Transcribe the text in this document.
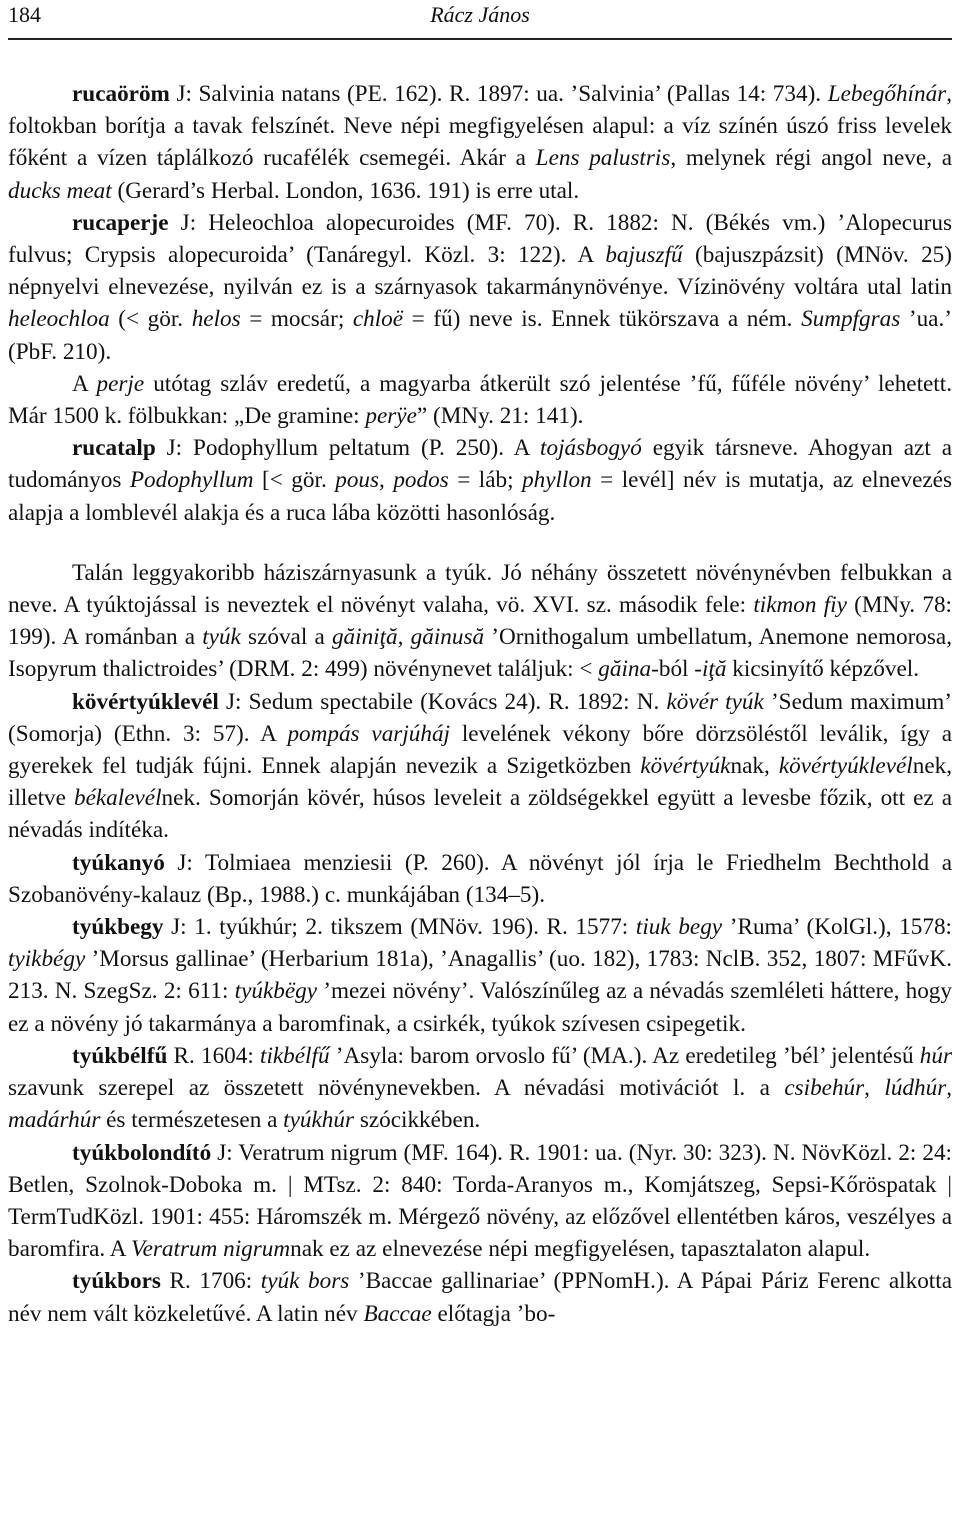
184	Rácz János

rucaöröm J: Salvinia natans (PE. 162). R. 1897: ua. ’Salvinia’ (Pallas 14: 734). Lebegőhínár, foltokban borítja a tavak felszínét. Neve népi megfigyelésen alapul: a víz színén úszó friss levelek főként a vízen táplálkozó rucafélék csemegéi. Akár a Lens palustris, melynek régi angol neve, a ducks meat (Gerard’s Herbal. London, 1636. 191) is erre utal.

rucaperje J: Heleochloa alopecuroides (MF. 70). R. 1882: N. (Békés vm.) ’Alopecurus fulvus; Crypsis alopecuroida’ (Tanáregyl. Közl. 3: 122). A bajuszfű (bajuszpázsit) (MNöv. 25) népnyelvi elnevezése, nyilván ez is a szárnyasok takarmánynövénye. Vízinövény voltára utal latin heleochloa (< gör. helos = mocsár; chloë = fű) neve is. Ennek tükörszava a ném. Sumpfgras ’ua.’ (PbF. 210).

A perje utótag szláv eredetű, a magyarba átkerült szó jelentése ’fű, fűféle növény’ lehetett. Már 1500 k. fölbukkan: „De gramine: perÿe” (MNy. 21: 141).

rucatalp J: Podophyllum peltatum (P. 250). A tojásbogyó egyik társneve. Ahogyan azt a tudományos Podophyllum [< gör. pous, podos = láb; phyllon = levél] név is mutatja, az elnevezés alapja a lomblevél alakja és a ruca lába közötti hasonlóság.

Talán leggyakoribb háziszárnyasunk a tyúk. Jó néhány összetett növénynévben felbukkan a neve. A tyúktojással is neveztek el növényt valaha, vö. XVI. sz. második fele: tikmon fiy (MNy. 78: 199). A románban a tyúk szóval a găiniţă, găinusă ’Ornithogalum umbellatum, Anemone nemorosa, Isopyrum thalictroides’ (DRM. 2: 499) növénynevet találjuk: < găina-ból -iţă kicsinyítő képzővel.

kövértyúklevél J: Sedum spectabile (Kovács 24). R. 1892: N. kövér tyúk ’Sedum maximum’ (Somorja) (Ethn. 3: 57). A pompás varjúháj levelének vékony bőre dörzsöléstől leválik, így a gyerekek fel tudják fújni. Ennek alapján nevezik a Szigetközben kövértyúknak, kövértyúklevélnek, illetve békalevélnek. Somorján kövér, húsos leveleit a zöldségekkel együtt a levesbe főzik, ott ez a névadás indítéka.

tyúkanyó J: Tolmiaea menziesii (P. 260). A növényt jól írja le Friedhelm Bechthold a Szobanövény-kalauz (Bp., 1988.) c. munkájában (134–5).

tyúkbegy J: 1. tyúkhúr; 2. tikszem (MNöv. 196). R. 1577: tiuk begy ’Ruma’ (KolGl.), 1578: tyikbégy ’Morsus gallinae’ (Herbarium 181a), ’Anagallis’ (uo. 182), 1783: NclB. 352, 1807: MFűvK. 213. N. SzegSz. 2: 611: tyúkbëgy ’mezei növény’. Valószínűleg az a névadás szemléleti háttere, hogy ez a növény jó takarmánya a baromfinak, a csirkék, tyúkok szívesen csipegetik.

tyúkbélfű R. 1604: tikbélfű ’Asyla: barom orvoslo fű’ (MA.). Az eredetileg ’bél’ jelentésű húr szavunk szerepel az összetett növénynevekben. A névadási motivációt l. a csibehúr, lúdhúr, madárhúr és természetesen a tyúkhúr szócikkében.

tyúkbolondító J: Veratrum nigrum (MF. 164). R. 1901: ua. (Nyr. 30: 323). N. NövKözl. 2: 24: Betlen, Szolnok-Doboka m. | MTsz. 2: 840: Torda-Aranyos m., Komjátszeg, Sepsi-Kőröspatak | TermTudKözl. 1901: 455: Háromszék m. Mérgező növény, az előzővel ellentétben káros, veszélyes a baromfira. A Veratrum nigrumnak ez az elnevezése népi megfigyelésen, tapasztalaton alapul.

tyúkbors R. 1706: tyúk bors ’Baccae gallinariae’ (PPNomH.). A Pápai Páriz Ferenc alkotta név nem vált közkeletűvé. A latin név Baccae előtagja ’bo-
